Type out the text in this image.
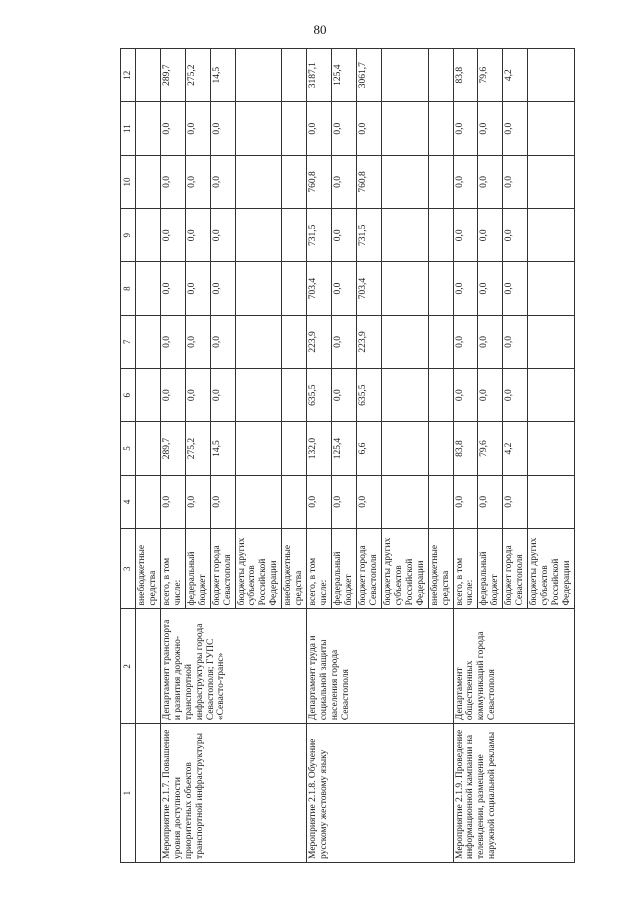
80
1	2	3	4	5	6	7	8	9	10	11	12
		внебюджетные средства									
Мероприятие 2.1.7. Повышение уровня доступности приоритетных объектов транспортной инфраструктуры	Департамент транспорта и развития дорожно-транспортной инфраструктуры города Севастополя; ГУПС «Севасто-транс»	всего, в том числе:	0,0	289,7	0,0	0,0	0,0	0,0	0,0	0,0	289,7
		федеральный бюджет	0,0	275,2	0,0	0,0	0,0	0,0	0,0	0,0	275,2
		бюджет города Севастополя	0,0	14,5	0,0	0,0	0,0	0,0	0,0	0,0	14,5
		бюджеты других субъектов Российской Федерации									
		внебюджетные средства									
Мероприятие 2.1.8. Обучение русскому жестовому языку	Департамент труда и социальной защиты населения города Севастополя	всего, в том числе:	0,0	132,0	635,5	223,9	703,4	731,5	760,8	0,0	3187,1
		федеральный бюджет	0,0	125,4	0,0	0,0	0,0	0,0	0,0	0,0	125,4
		бюджет города Севастополя	0,0	6,6	635,5	223,9	703,4	731,5	760,8	0,0	3061,7
		бюджеты других субъектов Российской Федерации									
		внебюджетные средства									
Мероприятие 2.1.9. Проведение информационной кампании на телевидении, размещение наружной социальной рекламы	Департамент общественных коммуникаций города Севастополя	всего, в том числе:	0,0	83,8	0,0	0,0	0,0	0,0	0,0	0,0	83,8
		федеральный бюджет	0,0	79,6	0,0	0,0	0,0	0,0	0,0	0,0	79,6
		бюджет города Севастополя	0,0	4,2	0,0	0,0	0,0	0,0	0,0	0,0	4,2
		бюджеты других субъектов Российской Федерации									
